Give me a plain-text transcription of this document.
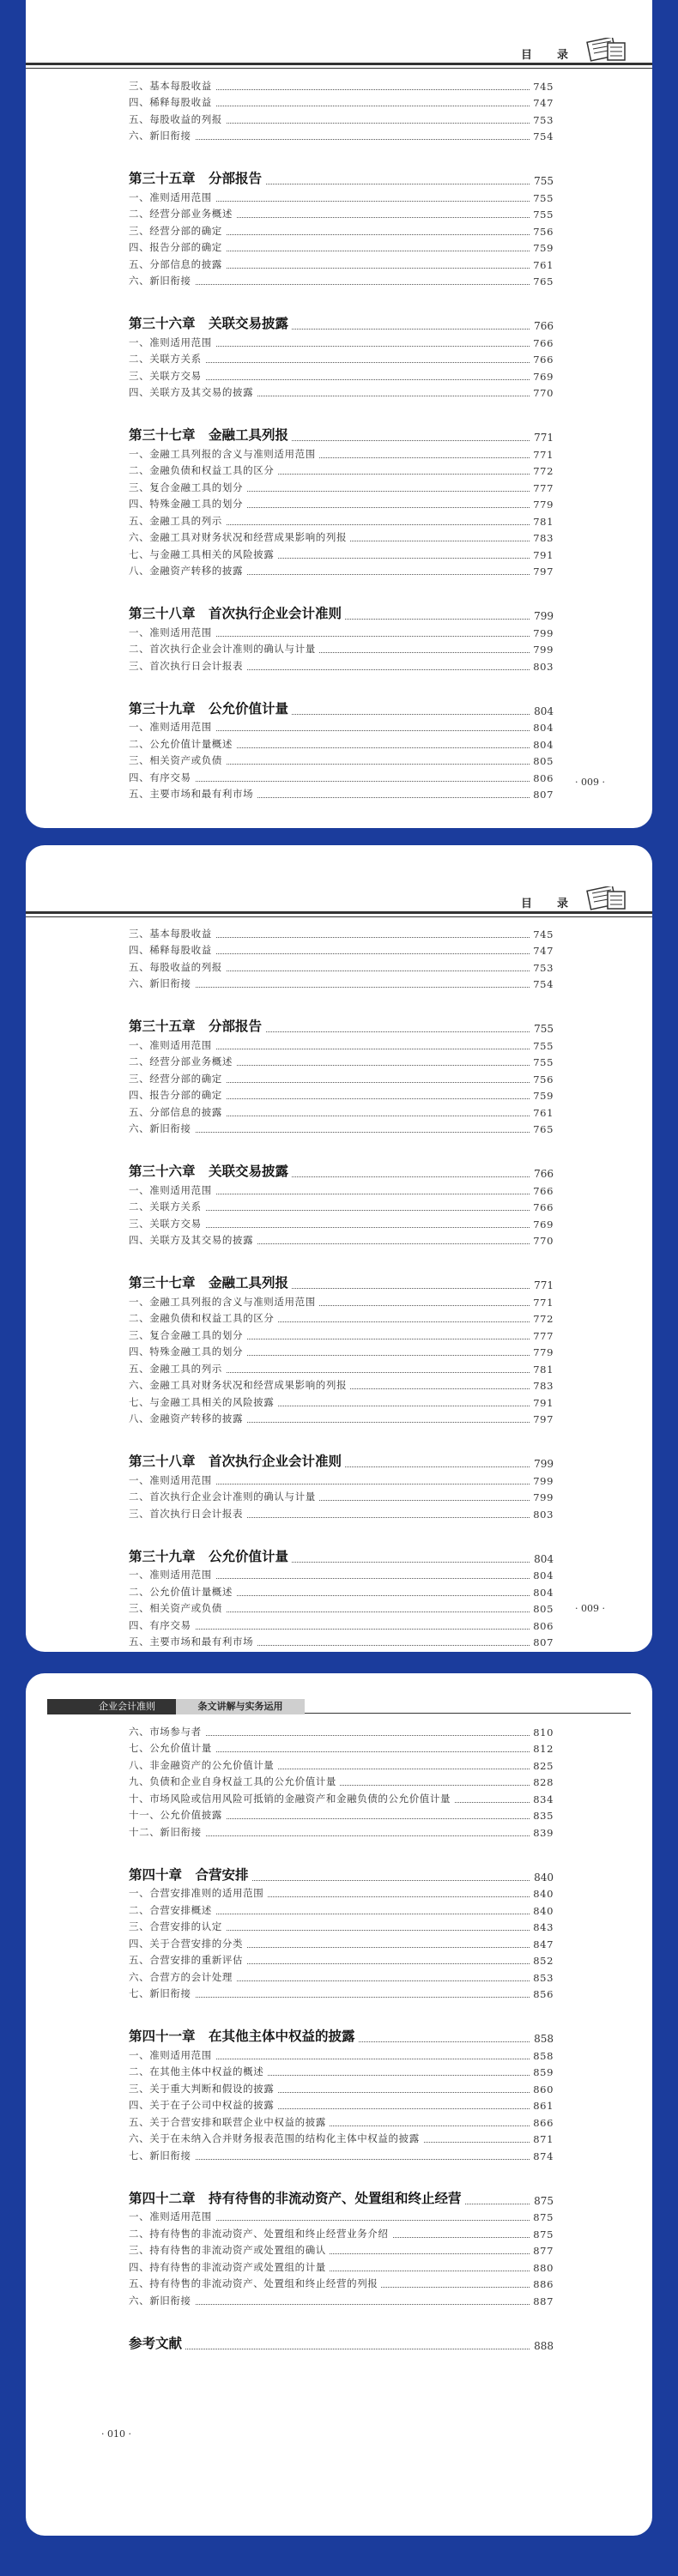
目　录
三、基本每股收益	745
四、稀释每股收益	747
五、每股收益的列报	753
六、新旧衔接	754
第三十五章　分部报告	755
一、准则适用范围	755
二、经营分部业务概述	755
三、经营分部的确定	756
四、报告分部的确定	759
五、分部信息的披露	761
六、新旧衔接	765
第三十六章　关联交易披露	766
一、准则适用范围	766
二、关联方关系	766
三、关联方交易	769
四、关联方及其交易的披露	770
第三十七章　金融工具列报	771
一、金融工具列报的含义与准则适用范围	771
二、金融负债和权益工具的区分	772
三、复合金融工具的划分	777
四、特殊金融工具的划分	779
五、金融工具的列示	781
六、金融工具对财务状况和经营成果影响的列报	783
七、与金融工具相关的风险披露	791
八、金融资产转移的披露	797
第三十八章　首次执行企业会计准则	799
一、准则适用范围	799
二、首次执行企业会计准则的确认与计量	799
三、首次执行日会计报表	803
第三十九章　公允价值计量	804
一、准则适用范围	804
二、公允价值计量概述	804
三、相关资产或负债	805
四、有序交易	806
五、主要市场和最有利市场	807
· 009 ·
目　录
三、基本每股收益	745
四、稀释每股收益	747
五、每股收益的列报	753
六、新旧衔接	754
第三十五章　分部报告	755
一、准则适用范围	755
二、经营分部业务概述	755
三、经营分部的确定	756
四、报告分部的确定	759
五、分部信息的披露	761
六、新旧衔接	765
第三十六章　关联交易披露	766
一、准则适用范围	766
二、关联方关系	766
三、关联方交易	769
四、关联方及其交易的披露	770
第三十七章　金融工具列报	771
一、金融工具列报的含义与准则适用范围	771
二、金融负债和权益工具的区分	772
三、复合金融工具的划分	777
四、特殊金融工具的划分	779
五、金融工具的列示	781
六、金融工具对财务状况和经营成果影响的列报	783
七、与金融工具相关的风险披露	791
八、金融资产转移的披露	797
第三十八章　首次执行企业会计准则	799
一、准则适用范围	799
二、首次执行企业会计准则的确认与计量	799
三、首次执行日会计报表	803
第三十九章　公允价值计量	804
一、准则适用范围	804
二、公允价值计量概述	804
三、相关资产或负债	805
四、有序交易	806
五、主要市场和最有利市场	807
· 009 ·
企业会计准则	条文讲解与实务运用
六、市场参与者	810
七、公允价值计量	812
八、非金融资产的公允价值计量	825
九、负债和企业自身权益工具的公允价值计量	828
十、市场风险或信用风险可抵销的金融资产和金融负债的公允价值计量	834
十一、公允价值披露	835
十二、新旧衔接	839
第四十章　合营安排	840
一、合营安排准则的适用范围	840
二、合营安排概述	840
三、合营安排的认定	843
四、关于合营安排的分类	847
五、合营安排的重新评估	852
六、合营方的会计处理	853
七、新旧衔接	856
第四十一章　在其他主体中权益的披露	858
一、准则适用范围	858
二、在其他主体中权益的概述	859
三、关于重大判断和假设的披露	860
四、关于在子公司中权益的披露	861
五、关于合营安排和联营企业中权益的披露	866
六、关于在未纳入合并财务报表范围的结构化主体中权益的披露	871
七、新旧衔接	874
第四十二章　持有待售的非流动资产、处置组和终止经营	875
一、准则适用范围	875
二、持有待售的非流动资产、处置组和终止经营业务介绍	875
三、持有待售的非流动资产或处置组的确认	877
四、持有待售的非流动资产或处置组的计量	880
五、持有待售的非流动资产、处置组和终止经营的列报	886
六、新旧衔接	887
参考文献	888
· 010 ·
